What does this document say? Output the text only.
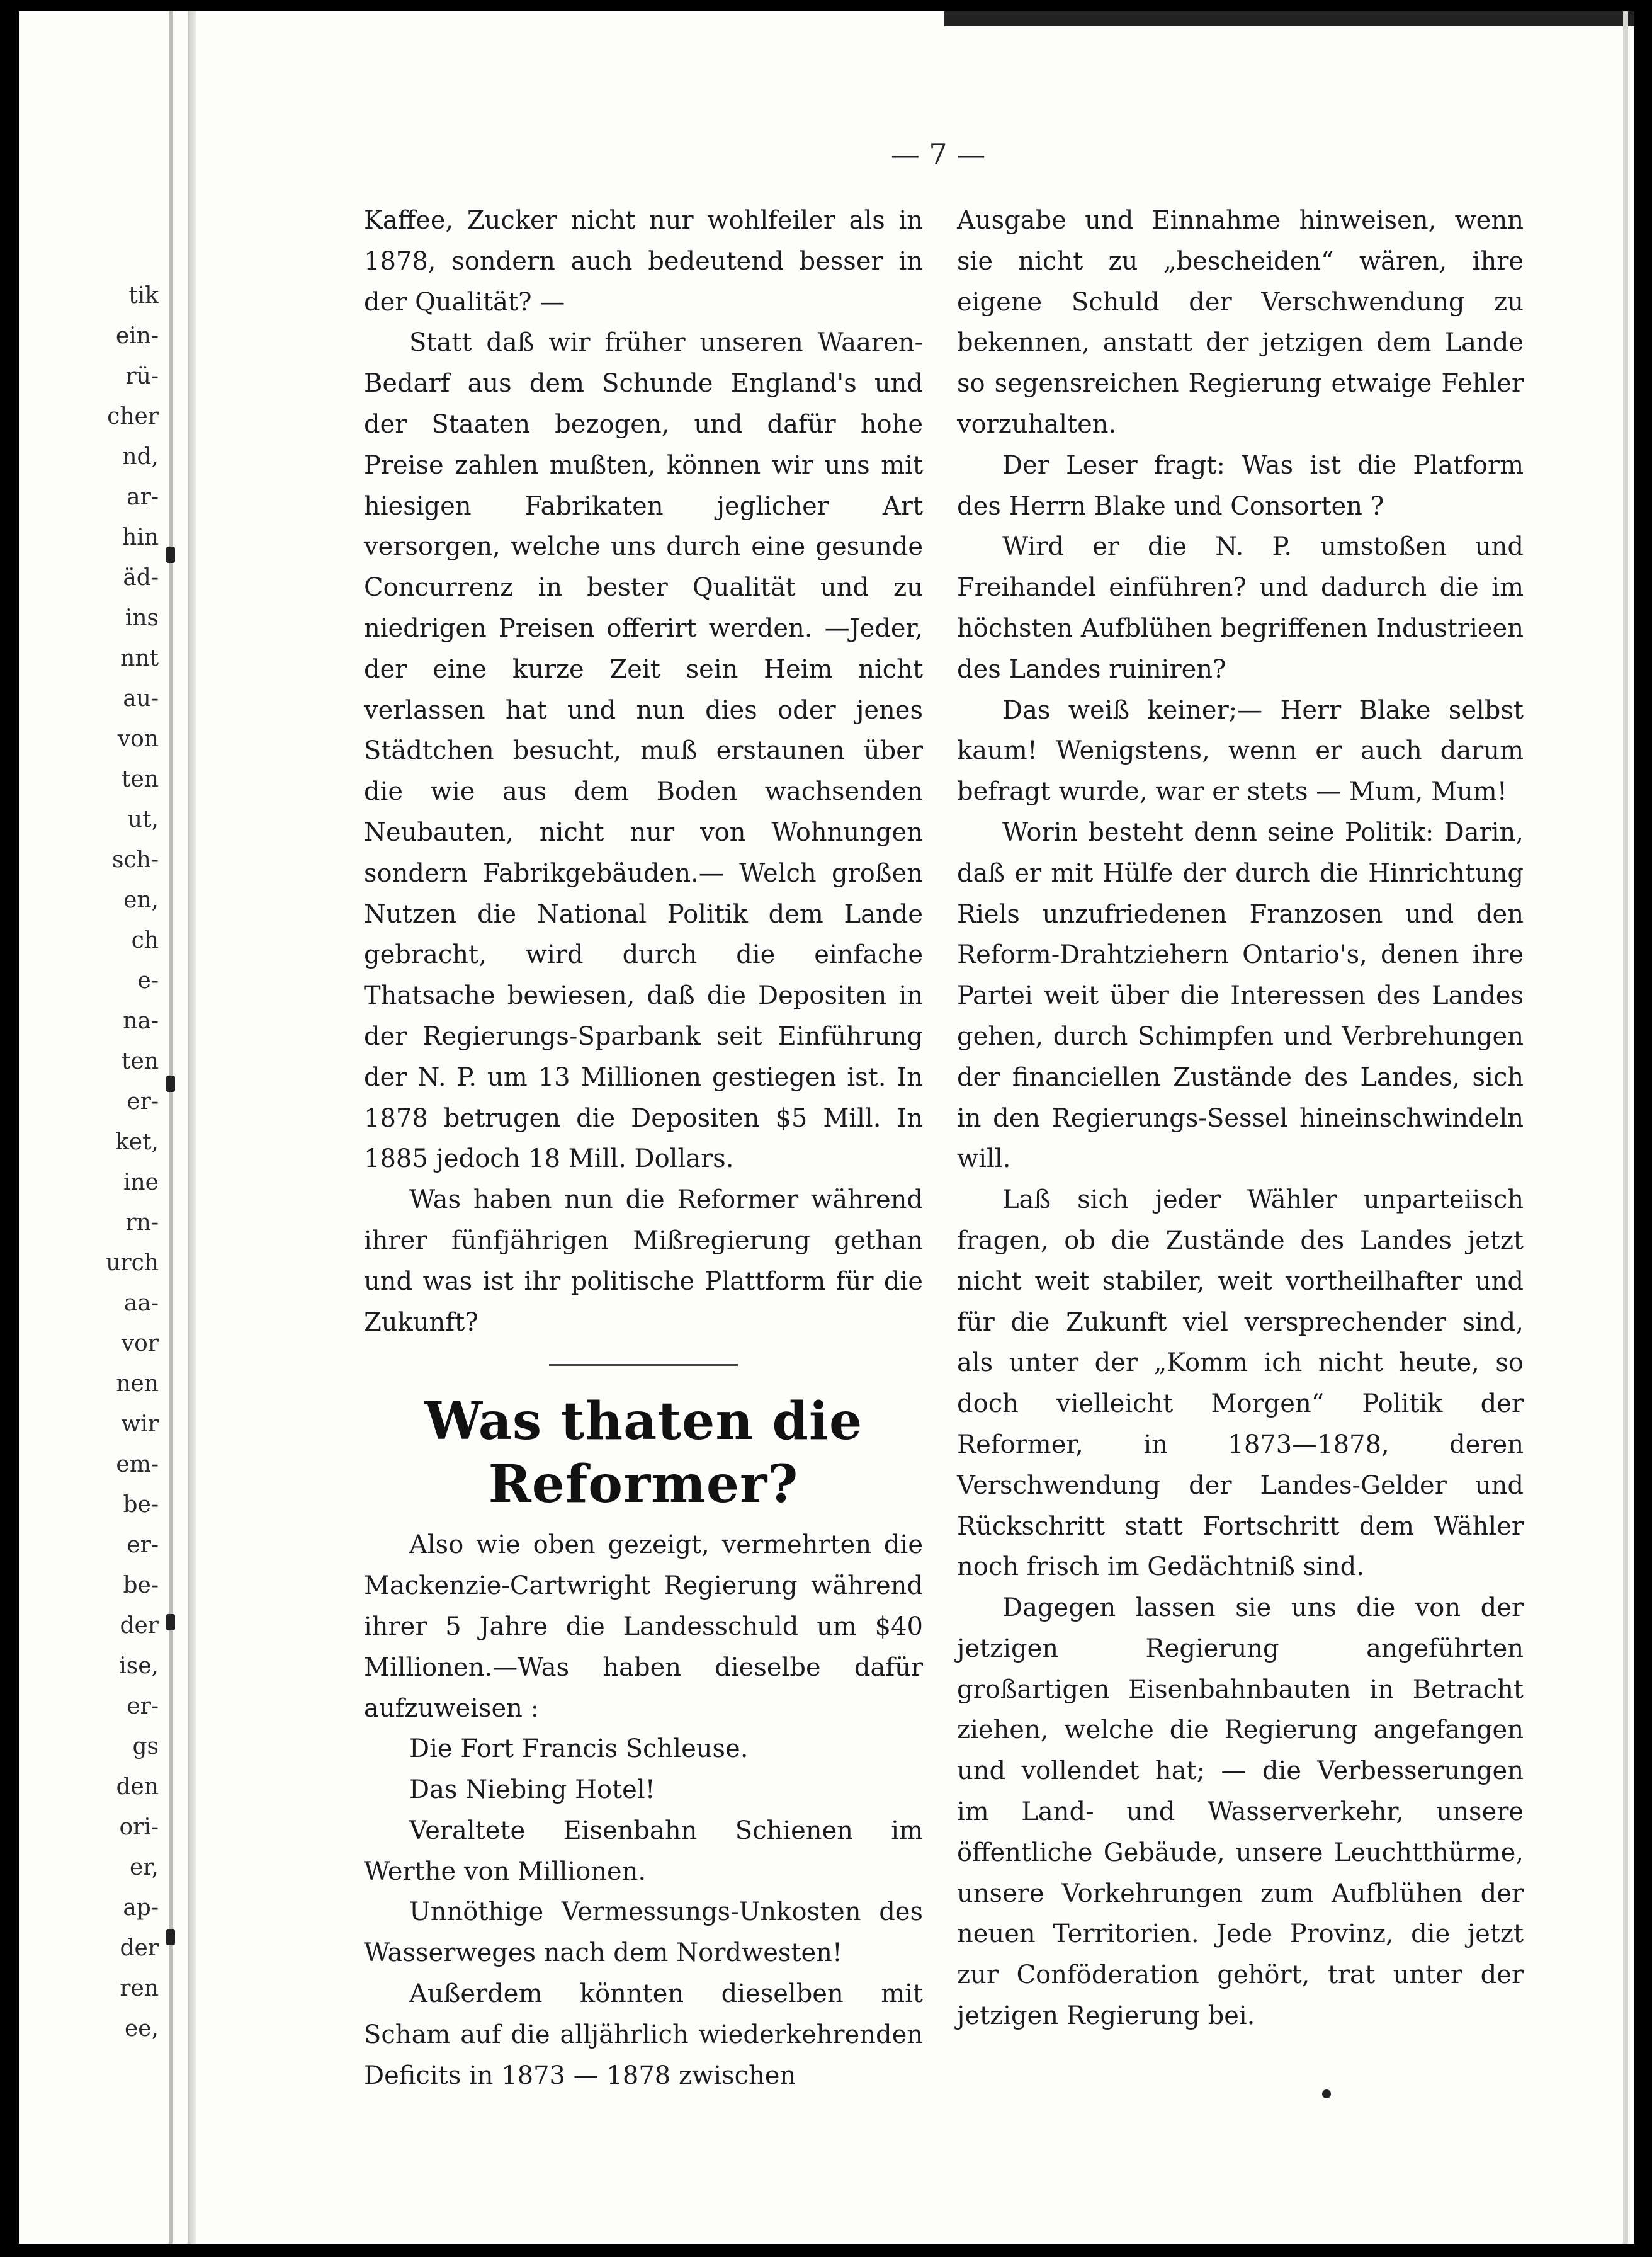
tik
ein-
rü-
cher
nd,
ar-
hin
äd-
ins
nnt
au-
von
ten
ut,
sch-
en,
ch
e-
na-
ten
er-
ket,
ine
rn-
urch
aa-
vor
nen
wir
em-
be-
er-
be-
der
ise,
er-
gs
den
ori-
er,
ap-
der
ren
ee,
— 7 —

Kaffee, Zucker nicht nur wohlfeiler als in 1878, sondern auch bedeutend besser in der Qualität? —

Statt daß wir früher unseren Waaren-Bedarf aus dem Schunde England's und der Staaten bezogen, und dafür hohe Preise zahlen mußten, können wir uns mit hiesigen Fabrikaten jeglicher Art versorgen, welche uns durch eine gesunde Concurrenz in bester Qualität und zu niedrigen Preisen offerirt werden. —Jeder, der eine kurze Zeit sein Heim nicht verlassen hat und nun dies oder jenes Städtchen besucht, muß erstaunen über die wie aus dem Boden wachsenden Neubauten, nicht nur von Wohnungen sondern Fabrikgebäuden.— Welch großen Nutzen die National Politik dem Lande gebracht, wird durch die einfache Thatsache bewiesen, daß die Depositen in der Regierungs-Sparbank seit Einführung der N. P. um 13 Millionen gestiegen ist. In 1878 betrugen die Depositen $5 Mill. In 1885 jedoch 18 Mill. Dollars.

Was haben nun die Reformer während ihrer fünfjährigen Mißregierung gethan und was ist ihr politische Plattform für die Zukunft?

Was thaten die Reformer?

Also wie oben gezeigt, vermehrten die Mackenzie-Cartwright Regierung während ihrer 5 Jahre die Landesschuld um $40 Millionen.—Was haben dieselbe dafür aufzuweisen :

Die Fort Francis Schleuse.

Das Niebing Hotel!

Veraltete Eisenbahn Schienen im Werthe von Millionen.

Unnöthige Vermessungs-Unkosten des Wasserweges nach dem Nordwesten!

Außerdem könnten dieselben mit Scham auf die alljährlich wiederkehrenden Deficits in 1873 — 1878 zwischen

Ausgabe und Einnahme hinweisen, wenn sie nicht zu „bescheiden“ wären, ihre eigene Schuld der Verschwendung zu bekennen, anstatt der jetzigen dem Lande so segensreichen Regierung etwaige Fehler vorzuhalten.

Der Leser fragt: Was ist die Platform des Herrn Blake und Consorten ?

Wird er die N. P. umstoßen und Freihandel einführen? und dadurch die im höchsten Aufblühen begriffenen Industrieen des Landes ruiniren?

Das weiß keiner;— Herr Blake selbst kaum! Wenigstens, wenn er auch darum befragt wurde, war er stets — Mum, Mum!

Worin besteht denn seine Politik: Darin, daß er mit Hülfe der durch die Hinrichtung Riels unzufriedenen Franzosen und den Reform-Drahtziehern Ontario's, denen ihre Partei weit über die Interessen des Landes gehen, durch Schimpfen und Verbrehungen der financiellen Zustände des Landes, sich in den Regierungs-Sessel hineinschwindeln will.

Laß sich jeder Wähler unparteiisch fragen, ob die Zustände des Landes jetzt nicht weit stabiler, weit vortheilhafter und für die Zukunft viel versprechender sind, als unter der „Komm ich nicht heute, so doch vielleicht Morgen“ Politik der Reformer, in 1873—1878, deren Verschwendung der Landes-Gelder und Rückschritt statt Fortschritt dem Wähler noch frisch im Gedächtniß sind.

Dagegen lassen sie uns die von der jetzigen Regierung angeführten großartigen Eisenbahnbauten in Betracht ziehen, welche die Regierung angefangen und vollendet hat; — die Verbesserungen im Land- und Wasserverkehr, unsere öffentliche Gebäude, unsere Leuchtthürme, unsere Vorkehrungen zum Aufblühen der neuen Territorien. Jede Provinz, die jetzt zur Conföderation gehört, trat unter der jetzigen Regierung bei.
